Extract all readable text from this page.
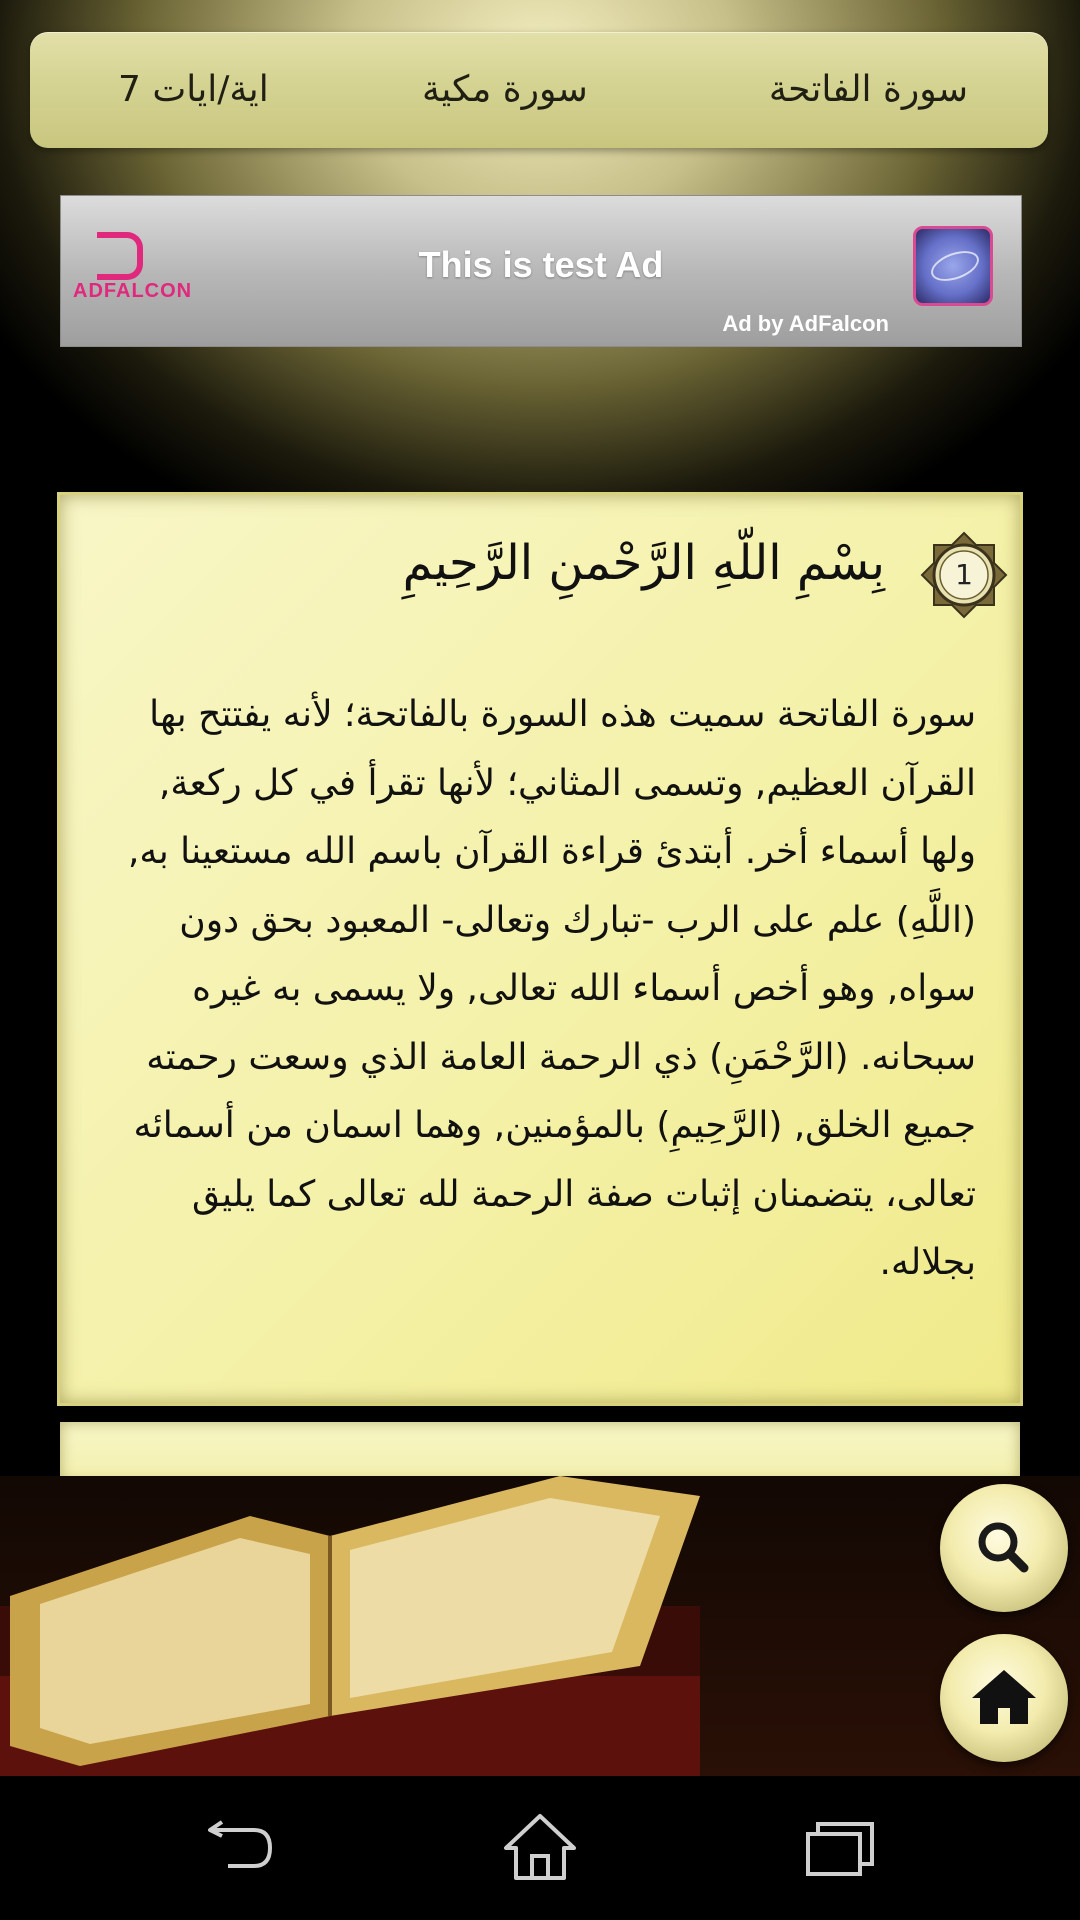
سورة الفاتحة
سورة مكية
7 اية/ايات
ADFALCON
This is test Ad
Ad by AdFalcon
1
بِسْمِ اللّهِ الرَّحْمنِ الرَّحِيمِ
سورة الفاتحة سميت هذه السورة بالفاتحة؛ لأنه يفتتح بها القرآن العظيم, وتسمى المثاني؛ لأنها تقرأ في كل ركعة, ولها أسماء أخر. أبتدئ قراءة القرآن باسم الله مستعينا به, (اللَّهِ) علم على الرب -تبارك وتعالى- المعبود بحق دون سواه, وهو أخص أسماء الله تعالى, ولا يسمى به غيره سبحانه. (الرَّحْمَنِ) ذي الرحمة العامة الذي وسعت رحمته جميع الخلق, (الرَّحِيمِ) بالمؤمنين, وهما اسمان من أسمائه تعالى، يتضمنان إثبات صفة الرحمة لله تعالى كما يليق بجلاله.
